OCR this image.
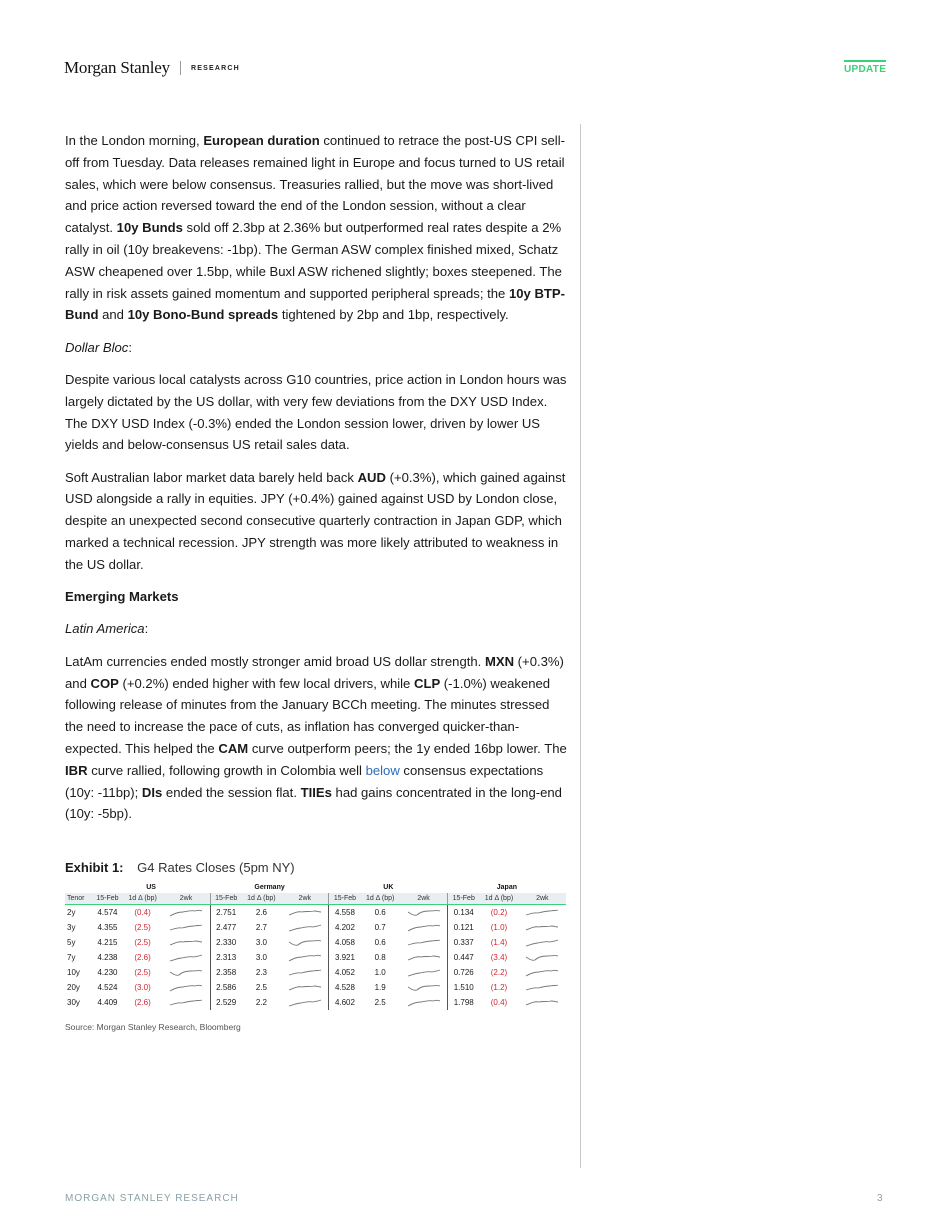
Morgan Stanley	RESEARCH	UPDATE

In the London morning, European duration continued to retrace the post-US CPI sell-off from Tuesday. Data releases remained light in Europe and focus turned to US retail sales, which were below consensus. Treasuries rallied, but the move was short-lived and price action reversed toward the end of the London session, without a clear catalyst. 10y Bunds sold off 2.3bp at 2.36% but outperformed real rates despite a 2% rally in oil (10y breakevens: -1bp). The German ASW complex finished mixed, Schatz ASW cheapened over 1.5bp, while Buxl ASW richened slightly; boxes steepened. The rally in risk assets gained momentum and supported peripheral spreads; the 10y BTP-Bund and 10y Bono-Bund spreads tightened by 2bp and 1bp, respectively.

Dollar Bloc:

Despite various local catalysts across G10 countries, price action in London hours was largely dictated by the US dollar, with very few deviations from the DXY USD Index. The DXY USD Index (-0.3%) ended the London session lower, driven by lower US yields and below-consensus US retail sales data.

Soft Australian labor market data barely held back AUD (+0.3%), which gained against USD alongside a rally in equities. JPY (+0.4%) gained against USD by London close, despite an unexpected second consecutive quarterly contraction in Japan GDP, which marked a technical recession. JPY strength was more likely attributed to weakness in the US dollar.

Emerging Markets

Latin America:

LatAm currencies ended mostly stronger amid broad US dollar strength. MXN (+0.3%) and COP (+0.2%) ended higher with few local drivers, while CLP (-1.0%) weakened following release of minutes from the January BCCh meeting. The minutes stressed the need to increase the pace of cuts, as inflation has converged quicker-than-expected. This helped the CAM curve outperform peers; the 1y ended 16bp lower. The IBR curve rallied, following growth in Colombia well below consensus expectations (10y: -11bp); DIs ended the session flat. TIIEs had gains concentrated in the long-end (10y: -5bp).

Exhibit 1: G4 Rates Closes (5pm NY)
	US			Germany			UK			Japan		
Tenor	15-Feb	1d Δ (bp)	2wk	15-Feb	1d Δ (bp)	2wk	15-Feb	1d Δ (bp)	2wk	15-Feb	1d Δ (bp)	2wk
2y	4.574	(0.4)		2.751	2.6		4.558	0.6		0.134	(0.2)	

3y	4.355	(2.5)		2.477	2.7		4.202	0.7		0.121	(1.0)	

5y	4.215	(2.5)		2.330	3.0		4.058	0.6		0.337	(1.4)	

7y	4.238	(2.6)		2.313	3.0		3.921	0.8		0.447	(3.4)	

10y	4.230	(2.5)		2.358	2.3		4.052	1.0		0.726	(2.2)	

20y	4.524	(3.0)		2.586	2.5		4.528	1.9		1.510	(1.2)	

30y	4.409	(2.6)		2.529	2.2		4.602	2.5		1.798	(0.4)	
Source: Morgan Stanley Research, Bloomberg
MORGAN STANLEY RESEARCH	3
